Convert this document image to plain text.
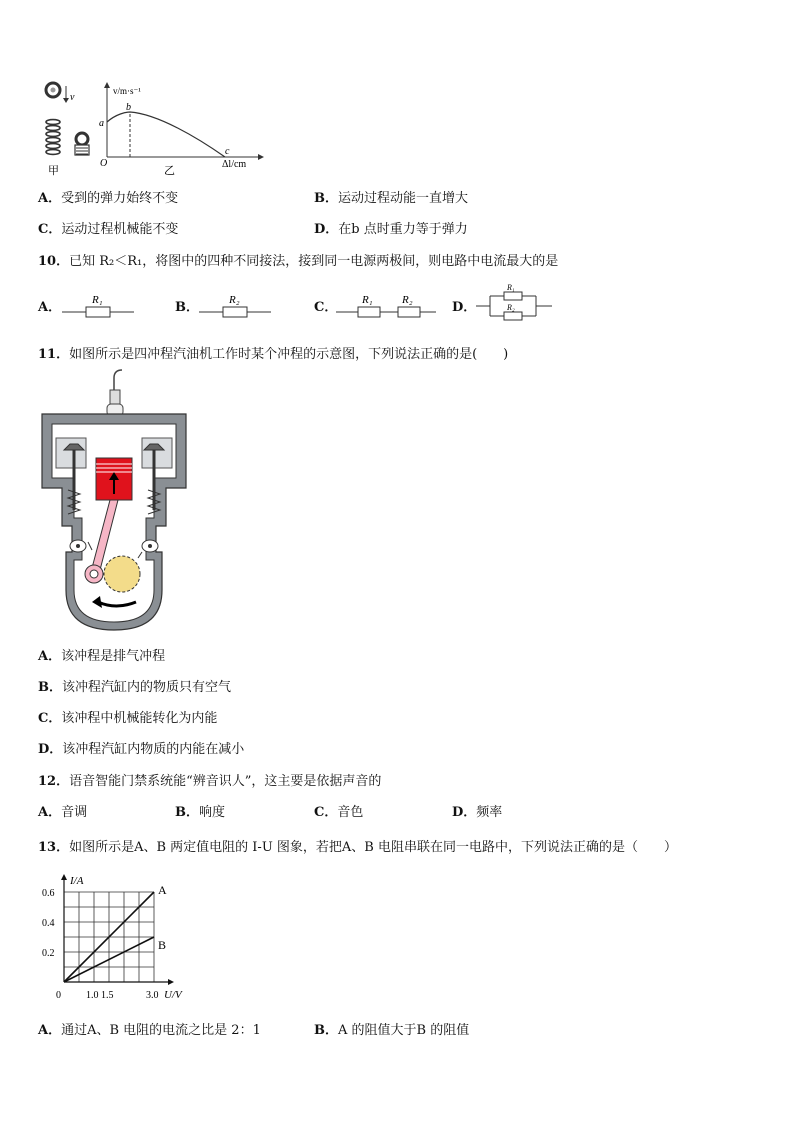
v
甲
v/m·s⁻¹
a
b
c
O	Δl/cm
乙
A．受到的弹力始终不变	B．运动过程动能一直增大
C．运动过程机械能不变	D．在b 点时重力等于弹力
10．已知 R₂＜R₁，将图中的四种不同接法，接到同一电源两极间，则电路中电流最大的是
A．	R₁	B．	R₂	C． R₁	R₂	D．
R₁
R₂
11．如图所示是四冲程汽油机工作时某个冲程的示意图，下列说法正确的是(　　)
A．该冲程是排气冲程
B．该冲程汽缸内的物质只有空气
C．该冲程中机械能转化为内能
D．该冲程汽缸内物质的内能在减小
12．语音智能门禁系统能“辨音识人”，这主要是依据声音的
A．音调	B．响度	C．音色	D．频率
13．如图所示是A、B 两定值电阻的 I-U 图象，若把A、B 电阻串联在同一电路中，下列说法正确的是（　　）
A
B
0.2
0.4
0.6
0	1.0 1.5	3.0
I/A
U/V
A．通过A、B 电阻的电流之比是 2：1	B．A 的阻值大于B 的阻值
